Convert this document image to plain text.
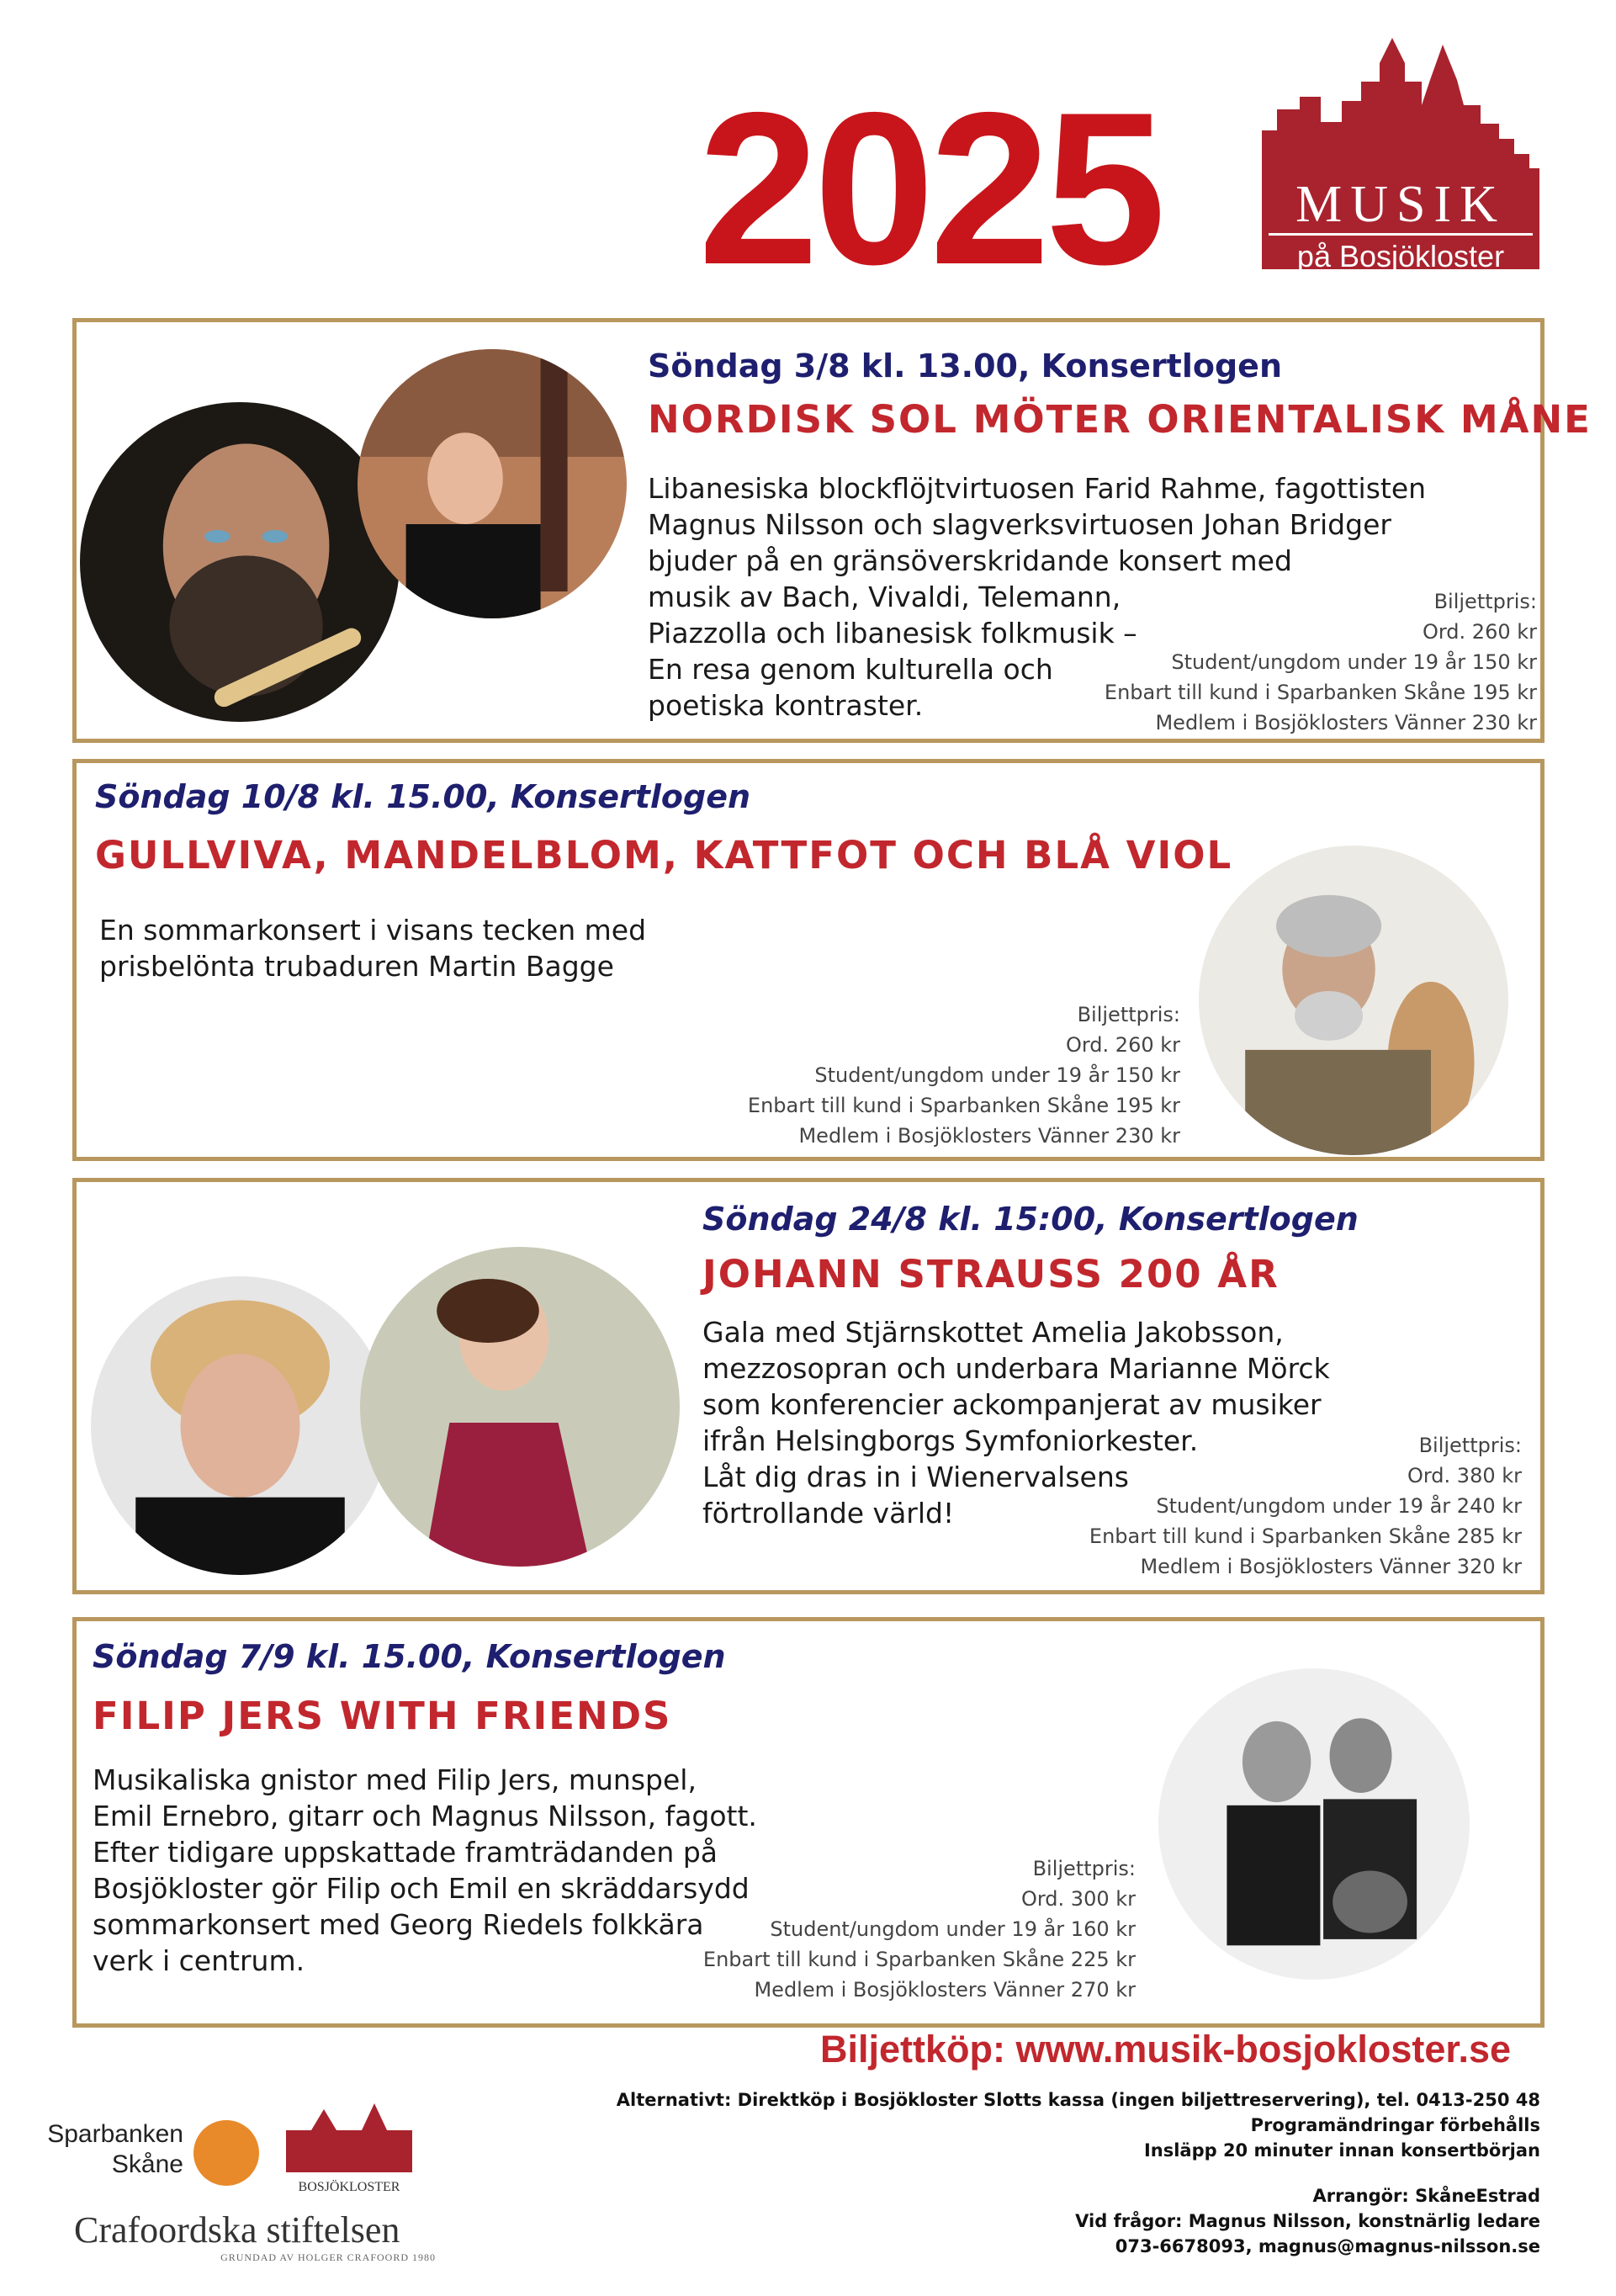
2025	MUSIK
på Bosjökloster
Söndag 3/8 kl. 13.00, Konsertlogen
NORDISK SOL MÖTER ORIENTALISK MÅNE
Libanesiska blockflöjtvirtuosen Farid Rahme, fagottisten
Magnus Nilsson och slagverksvirtuosen Johan Bridger
bjuder på en gränsöverskridande konsert med
musik av Bach, Vivaldi, Telemann,
Piazzolla och libanesisk folkmusik –
En resa genom kulturella och
poetiska kontraster.
Biljettpris:
Ord. 260 kr
Student/ungdom under 19 år 150 kr
Enbart till kund i Sparbanken Skåne 195 kr
Medlem i Bosjöklosters Vänner 230 kr
Söndag 10/8 kl. 15.00, Konsertlogen
GULLVIVA, MANDELBLOM, KATTFOT OCH BLÅ VIOL
En sommarkonsert i visans tecken med
prisbelönta trubaduren Martin Bagge
Biljettpris:
Ord. 260 kr
Student/ungdom under 19 år 150 kr
Enbart till kund i Sparbanken Skåne 195 kr
Medlem i Bosjöklosters Vänner 230 kr
Söndag 24/8 kl. 15:00, Konsertlogen
JOHANN STRAUSS 200 ÅR
Gala med Stjärnskottet Amelia Jakobsson,
mezzosopran och underbara Marianne Mörck
som konferencier ackompanjerat av musiker
ifrån Helsingborgs Symfoniorkester.
Låt dig dras in i Wienervalsens
förtrollande värld!
Biljettpris:
Ord. 380 kr
Student/ungdom under 19 år 240 kr
Enbart till kund i Sparbanken Skåne 285 kr
Medlem i Bosjöklosters Vänner 320 kr
Söndag 7/9 kl. 15.00, Konsertlogen
FILIP JERS WITH FRIENDS
Musikaliska gnistor med Filip Jers, munspel,
Emil Ernebro, gitarr och Magnus Nilsson, fagott.
Efter tidigare uppskattade framträdanden på
Bosjökloster gör Filip och Emil en skräddarsydd
sommarkonsert med Georg Riedels folkkära
verk i centrum.
Biljettpris:
Ord. 300 kr
Student/ungdom under 19 år 160 kr
Enbart till kund i Sparbanken Skåne 225 kr
Medlem i Bosjöklosters Vänner 270 kr
Biljettköp: www.musik-bosjokloster.se
Alternativt: Direktköp i Bosjökloster Slotts kassa (ingen biljettreservering), tel. 0413-250 48
Programändringar förbehålls
Insläpp 20 minuter innan konsertbörjan
Arrangör: SkåneEstrad
Vid frågor: Magnus Nilsson, konstnärlig ledare
073-6678093, magnus@magnus-nilsson.se
Sparbanken
Skåne
BOSJÖKLOSTER
Crafoordska stiftelsen
GRUNDAD AV HOLGER CRAFOORD 1980
